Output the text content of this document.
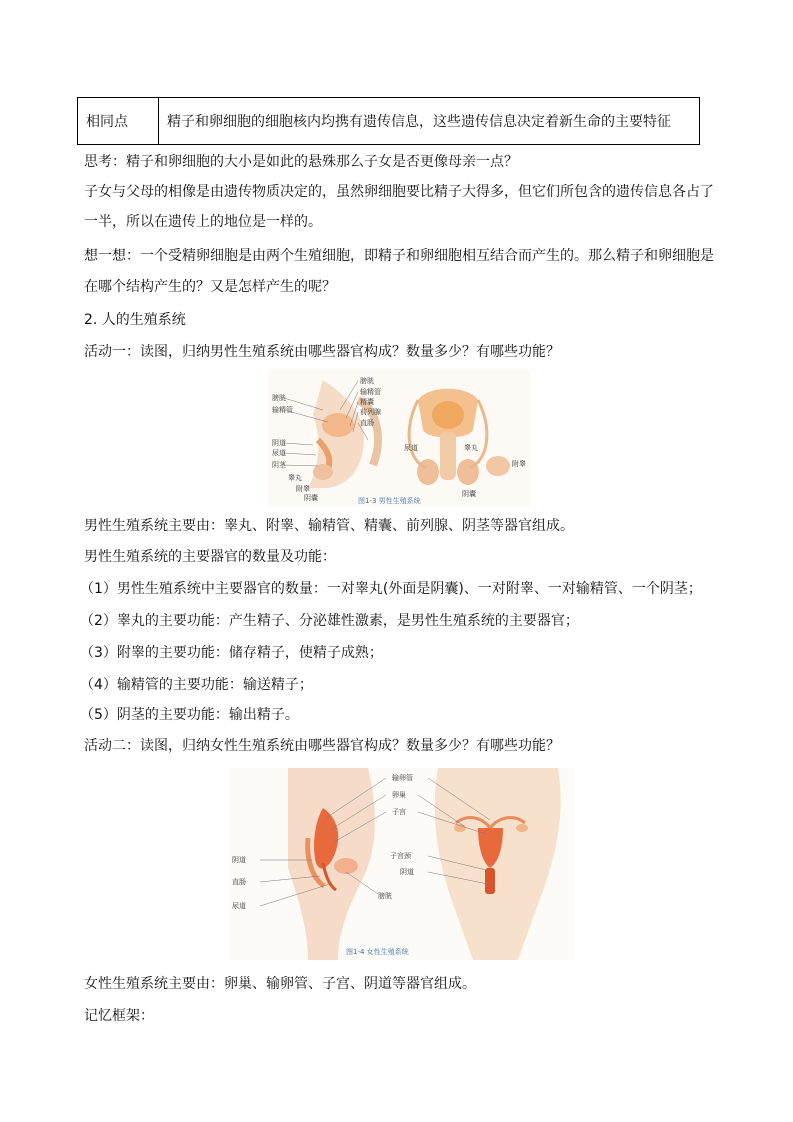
相同点	精子和卵细胞的细胞核内均携有遗传信息，这些遗传信息决定着新生命的主要特征
思考：精子和卵细胞的大小是如此的悬殊那么子女是否更像母亲一点？
子女与父母的相像是由遗传物质决定的，虽然卵细胞要比精子大得多，但它们所包含的遗传信息各占了
一半，所以在遗传上的地位是一样的。
想一想：一个受精卵细胞是由两个生殖细胞，即精子和卵细胞相互结合而产生的。那么精子和卵细胞是
在哪个结构产生的？又是怎样产生的呢？
2. 人的生殖系统
活动一：读图，归纳男性生殖系统由哪些器官构成？数量多少？有哪些功能？
膀胱
输精管
阴道
尿道
阴茎
睾丸
附睾
阴囊
膀胱
输精管
精囊
前列腺
直肠
尿道	睾丸
阴囊
附睾
图1-3 男性生殖系统
男性生殖系统主要由：睾丸、附睾、输精管、精囊、前列腺、阴茎等器官组成。
男性生殖系统的主要器官的数量及功能：
（1）男性生殖系统中主要器官的数量：一对睾丸(外面是阴囊)、一对附睾、一对输精管、一个阴茎；
（2）睾丸的主要功能：产生精子、分泌雄性激素，是男性生殖系统的主要器官；
（3）附睾的主要功能：储存精子，使精子成熟；
（4）输精管的主要功能：输送精子；
（5）阴茎的主要功能：输出精子。
活动二：读图，归纳女性生殖系统由哪些器官构成？数量多少？有哪些功能？
阴道
直肠
尿道
输卵管
卵巢
子宫
子宫颈
阴道
膀胱
图1-4 女性生殖系统
女性生殖系统主要由：卵巢、输卵管、子宫、阴道等器官组成。
记忆框架：
